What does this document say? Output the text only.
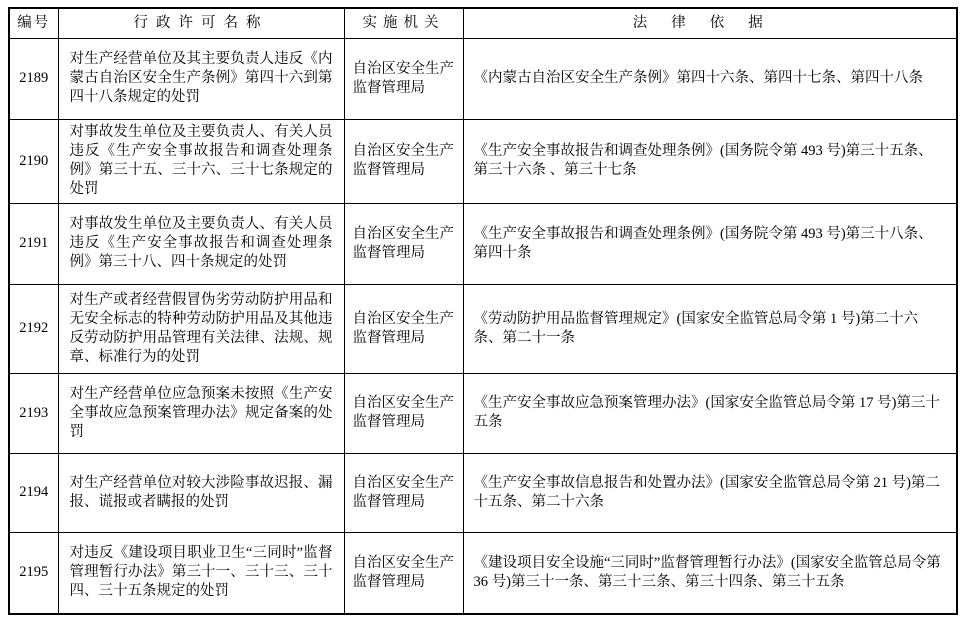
编号	行政许可名称	实施机关	法律依据
2189	对生产经营单位及其主要负责人违反《内蒙古自治区安全生产条例》第四十六到第四十八条规定的处罚	自治区安全生产监督管理局	《内蒙古自治区安全生产条例》第四十六条、第四十七条、第四十八条
2190	对事故发生单位及主要负责人、有关人员违反《生产安全事故报告和调查处理条例》第三十五、三十六、三十七条规定的处罚	自治区安全生产监督管理局	《生产安全事故报告和调查处理条例》(国务院令第 493 号)第三十五条、第三十六条 、第三十七条
2191	对事故发生单位及主要负责人、有关人员违反《生产安全事故报告和调查处理条例》第三十八、四十条规定的处罚	自治区安全生产监督管理局	《生产安全事故报告和调查处理条例》(国务院令第 493 号)第三十八条、第四十条
2192	对生产或者经营假冒伪劣劳动防护用品和无安全标志的特种劳动防护用品及其他违反劳动防护用品管理有关法律、法规、规章、标准行为的处罚	自治区安全生产监督管理局	《劳动防护用品监督管理规定》(国家安全监管总局令第 1 号)第二十六条、第二十一条
2193	对生产经营单位应急预案未按照《生产安全事故应急预案管理办法》规定备案的处罚	自治区安全生产监督管理局	《生产安全事故应急预案管理办法》(国家安全监管总局令第 17 号)第三十五条
2194	对生产经营单位对较大涉险事故迟报、漏报、谎报或者瞒报的处罚	自治区安全生产监督管理局	《生产安全事故信息报告和处置办法》(国家安全监管总局令第 21 号)第二十五条、第二十六条
2195	对违反《建设项目职业卫生“三同时”监督管理暂行办法》第三十一、三十三、三十四、三十五条规定的处罚	自治区安全生产监督管理局	《建设项目安全设施“三同时”监督管理暂行办法》(国家安全监管总局令第 36 号)第三十一条、第三十三条、第三十四条、第三十五条
